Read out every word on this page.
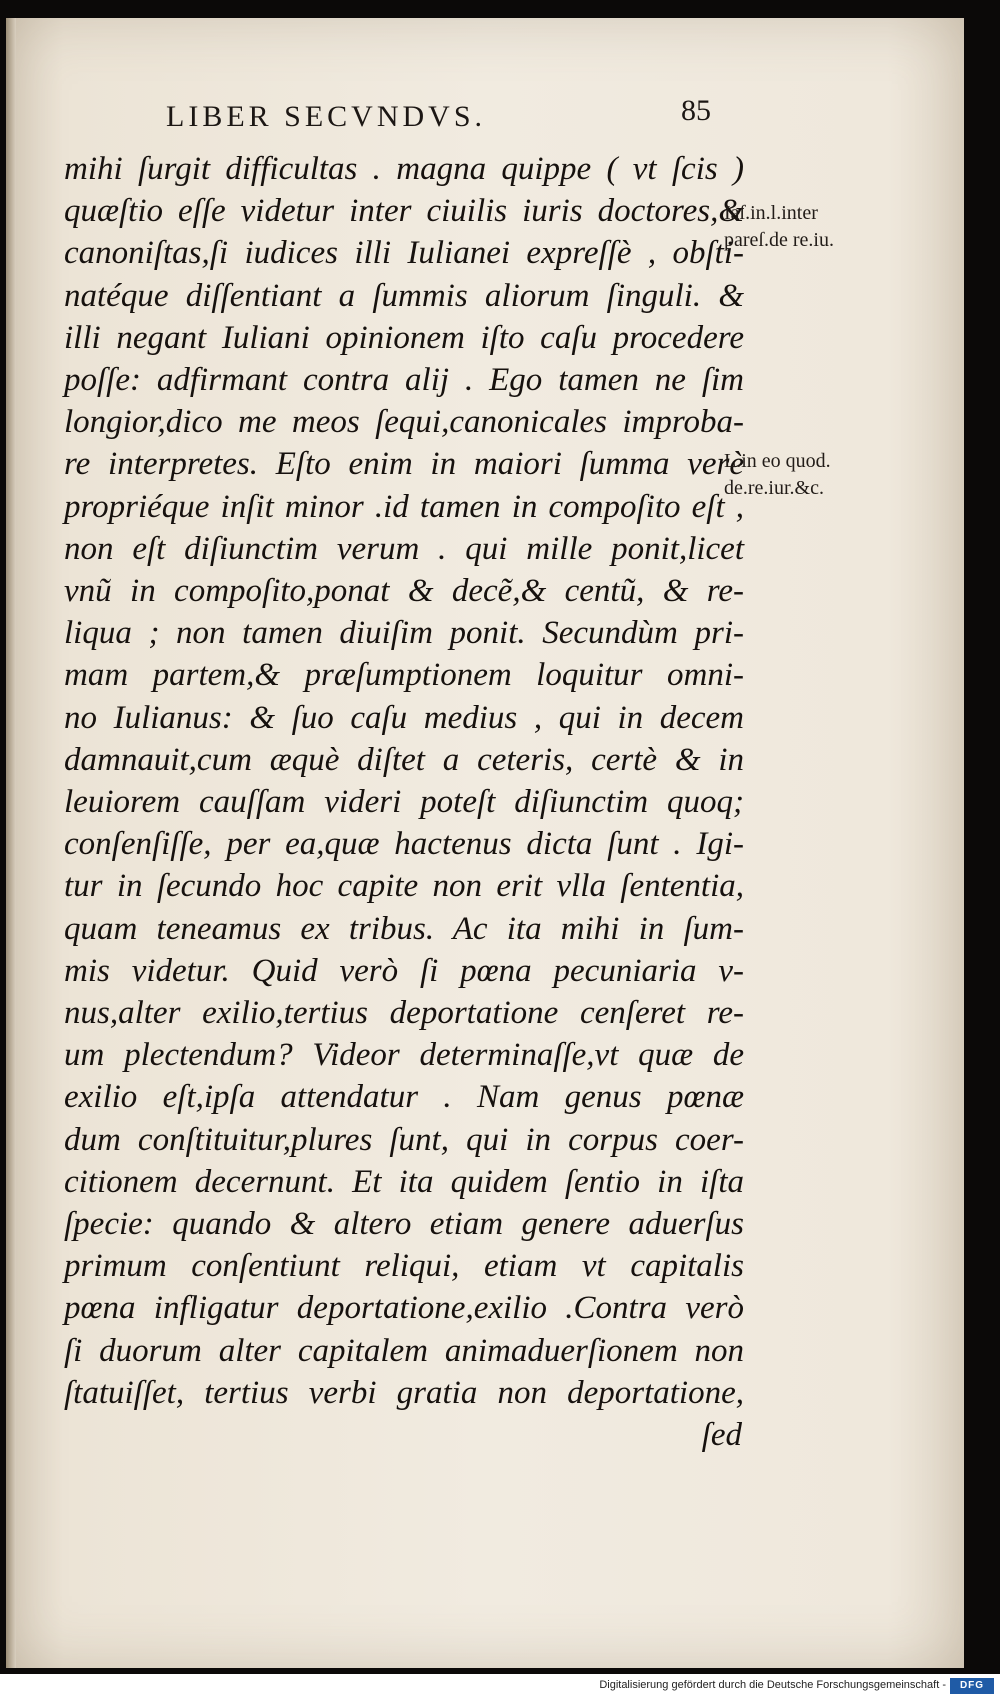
LIBER SECVNDVS.	85
mihi ſurgit difficultas . magna quippe ( vt ſcis )
quæſtio eſſe videtur inter ciuilis iuris doctores,&
canoniſtas,ſi iudices illi Iulianei expreſſè , obſti-
natéque diſſentiant a ſummis aliorum ſinguli. &
illi negant Iuliani opinionem iſto caſu procedere
poſſe: adfirmant contra alij . Ego tamen ne ſim
longior,dico me meos ſequi,canonicales improba-
re interpretes. Eſto enim in maiori ſumma verè
propriéque inſit minor .id tamen in compoſito eſt ,
non eſt diſiunctim verum . qui mille ponit,licet
vnũ in compoſito,ponat & decẽ,& centũ, & re-
liqua ; non tamen diuiſim ponit. Secundùm pri-
mam partem,& præſumptionem loquitur omni-
no Iulianus: & ſuo caſu medius , qui in decem
damnauit,cum æquè diſtet a ceteris, certè & in
leuiorem cauſſam videri poteſt diſiunctim quoq;
conſenſiſſe, per ea,quæ hactenus dicta ſunt . Igi-
tur in ſecundo hoc capite non erit vlla ſententia,
quam teneamus ex tribus. Ac ita mihi in ſum-
mis videtur. Quid verò ſi pœna pecuniaria v-
nus,alter exilio,tertius deportatione cenſeret re-
um plectendum? Videor determinaſſe,vt quæ de
exilio eſt,ipſa attendatur . Nam genus pœnæ
dum conſtituitur,plures ſunt, qui in corpus coer-
citionem decernunt. Et ita quidem ſentio in iſta
ſpecie: quando & altero etiam genere aduerſus
primum conſentiunt reliqui, etiam vt capitalis
pœna infligatur deportatione,exilio .Contra verò
ſi duorum alter capitalem animaduerſionem non
ſtatuiſſet, tertius verbi gratia non deportatione,
ſed
Iaſ.in.l.inter
pareſ.de re.iu.
L.in eo quod.
de.re.iur.&c.
Digitalisierung gefördert durch die Deutsche Forschungsgemeinschaft -	DFG
